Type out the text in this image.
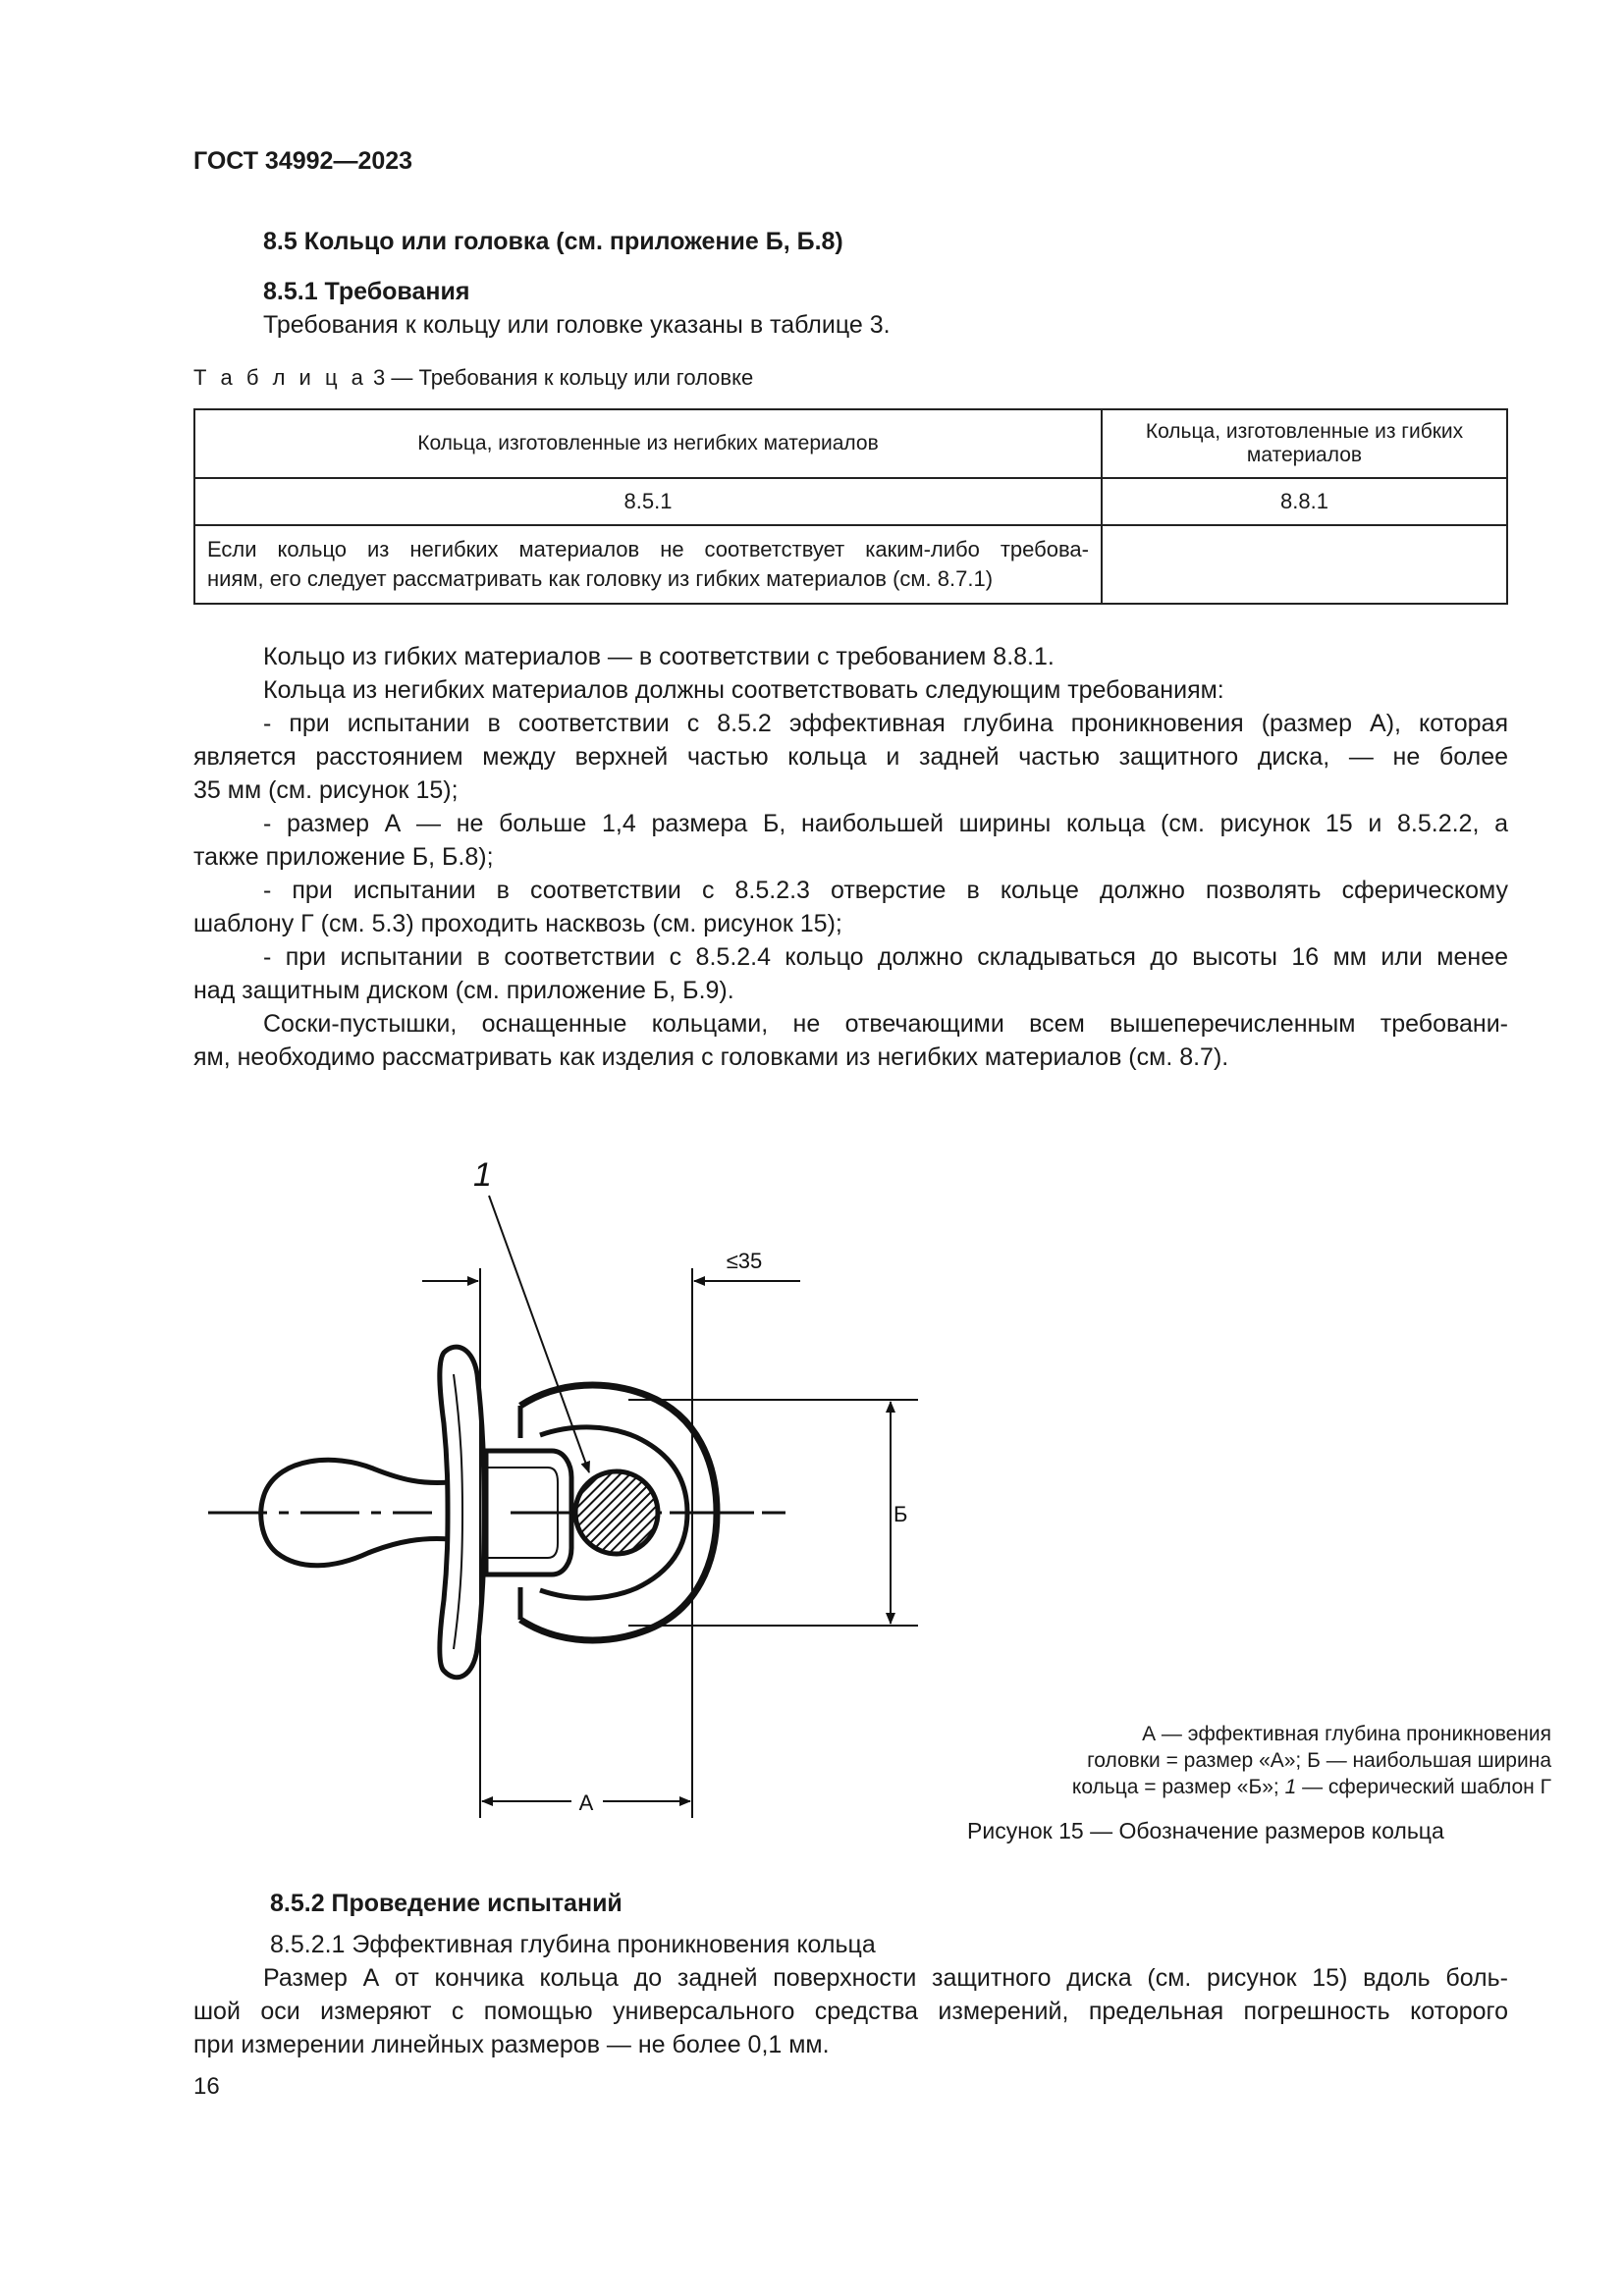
ГОСТ 34992—2023
8.5 Кольцо или головка (см. приложение Б, Б.8)
8.5.1 Требования
Требования к кольцу или головке указаны в таблице 3.
Т а б л и ц а 3 — Требования к кольцу или головке
Кольца, изготовленные из негибких материалов	Кольца, изготовленные из гибких материалов
8.5.1	8.8.1

Если кольцо из негибких материалов не соответствует каким-либо требова-
ниям, его следует рассматривать как головку из гибких материалов (см. 8.7.1)	

Кольцо из гибких материалов — в соответствии с требованием 8.8.1.
Кольца из негибких материалов должны соответствовать следующим требованиям:
- при испытании в соответствии с 8.5.2 эффективная глубина проникновения (размер А), которая
является расстоянием между верхней частью кольца и задней частью защитного диска, — не более
35 мм (см. рисунок 15);
- размер А — не больше 1,4 размера Б, наибольшей ширины кольца (см. рисунок 15 и 8.5.2.2, а
также приложение Б, Б.8);
- при испытании в соответствии с 8.5.2.3 отверстие в кольце должно позволять сферическому
шаблону Г (см. 5.3) проходить насквозь (см. рисунок 15);
- при испытании в соответствии с 8.5.2.4 кольцо должно складываться до высоты 16 мм или менее
над защитным диском (см. приложение Б, Б.9).
Соски-пустышки, оснащенные кольцами, не отвечающими всем вышеперечисленным требовани-
ям, необходимо рассматривать как изделия с головками из негибких материалов (см. 8.7).
1
≤35
Б
А
А — эффективная глубина проникновения
головки = размер «А»; Б — наибольшая ширина
кольца = размер «Б»; 1 — сферический шаблон Г
Рисунок 15 — Обозначение размеров кольца
8.5.2 Проведение испытаний
8.5.2.1 Эффективная глубина проникновения кольца
Размер А от кончика кольца до задней поверхности защитного диска (см. рисунок 15) вдоль боль-
шой оси измеряют с помощью универсального средства измерений, предельная погрешность которого
при измерении линейных размеров — не более 0,1 мм.
16
